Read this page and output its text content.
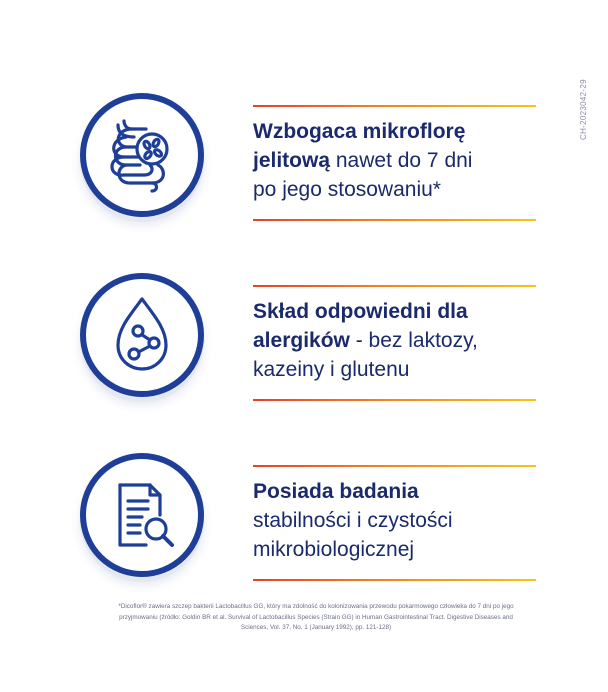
CH-2023042-29
Wzbogaca mikroflorę
jelitową nawet do 7 dni
po jego stosowaniu*
Skład odpowiedni dla
alergików - bez laktozy,
kazeiny i glutenu
Posiada badania
stabilności i czystości
mikrobiologicznej
*Dicoflor® zawiera szczep bakterii Lactobacillus GG, który ma zdolność do kolonizowania przewodu pokarmowego człowieka do 7 dni po jego
przyjmowaniu (źródło: Goldin BR et al. Survival of Lactobacillus Species (Strain GG) in Human Gastrointestinal Tract. Digestive Diseases and
Sciences, Vol. 37, No. 1 (January 1992), pp. 121-128)
